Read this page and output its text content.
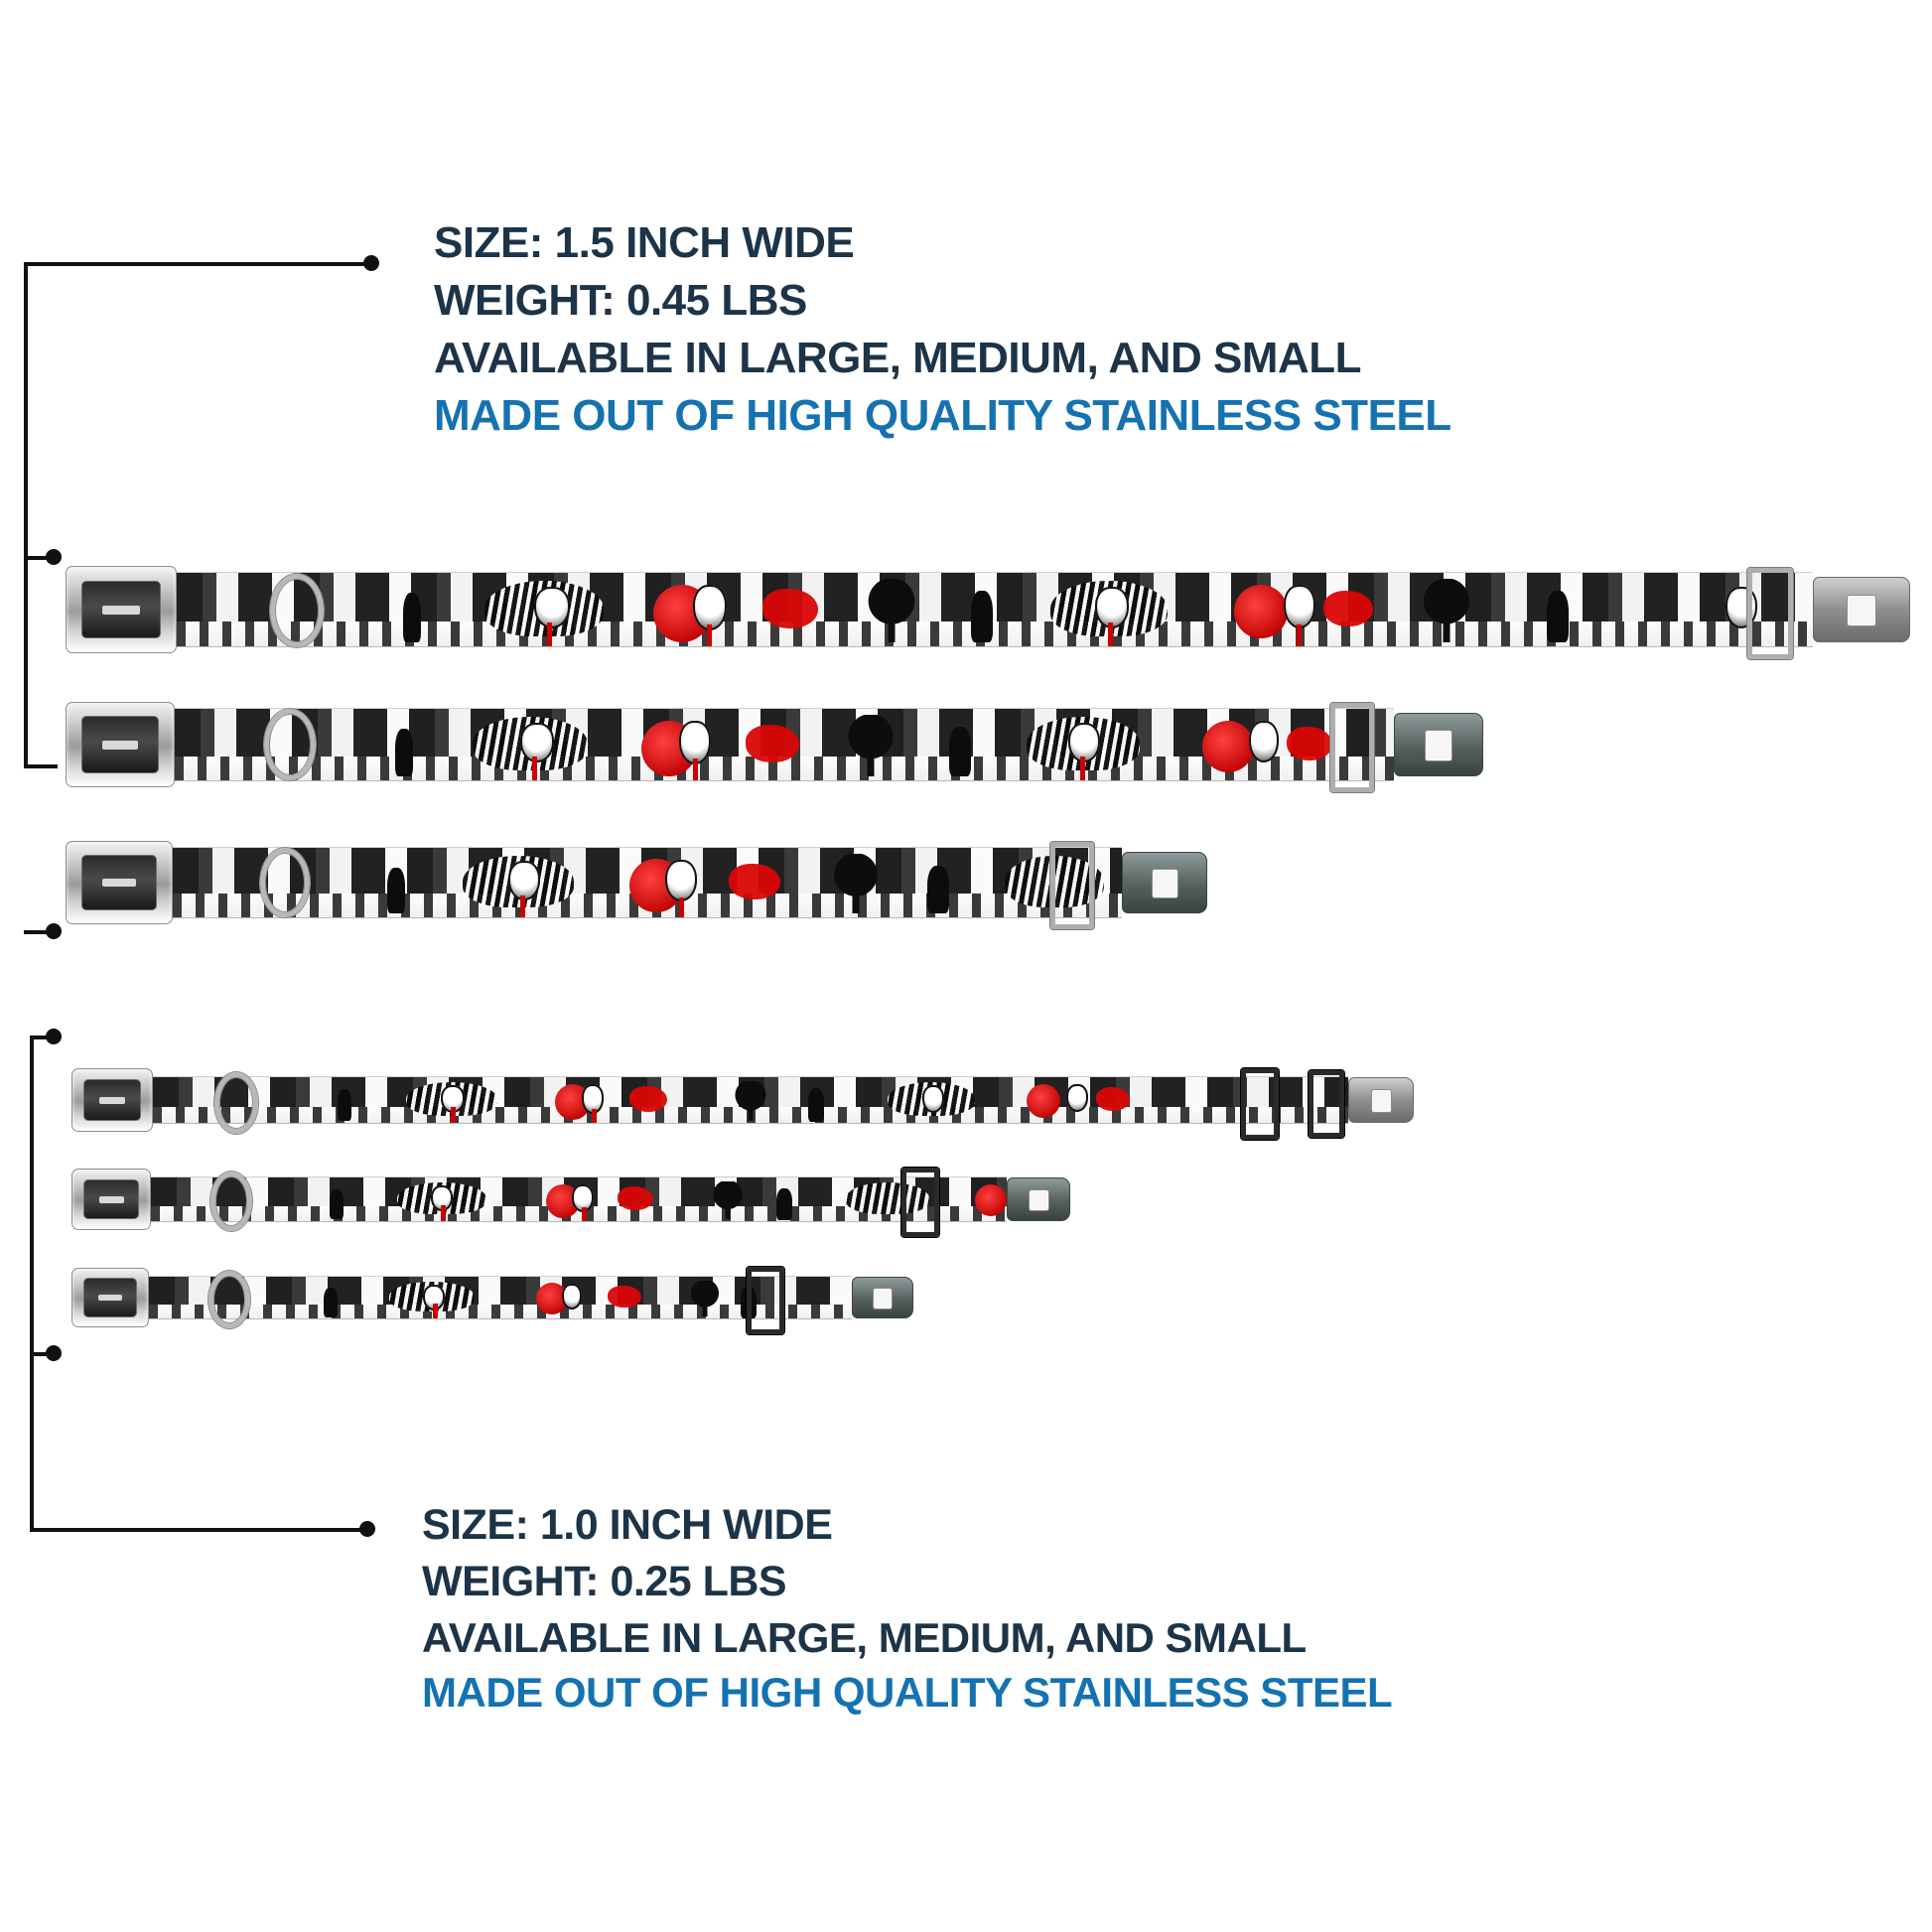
SIZE: 1.5 INCH WIDE
WEIGHT: 0.45 LBS
AVAILABLE IN LARGE, MEDIUM, AND SMALL
MADE OUT OF HIGH QUALITY STAINLESS STEEL
SIZE: 1.0 INCH WIDE
WEIGHT: 0.25 LBS
AVAILABLE IN LARGE, MEDIUM, AND SMALL
MADE OUT OF HIGH QUALITY STAINLESS STEEL
